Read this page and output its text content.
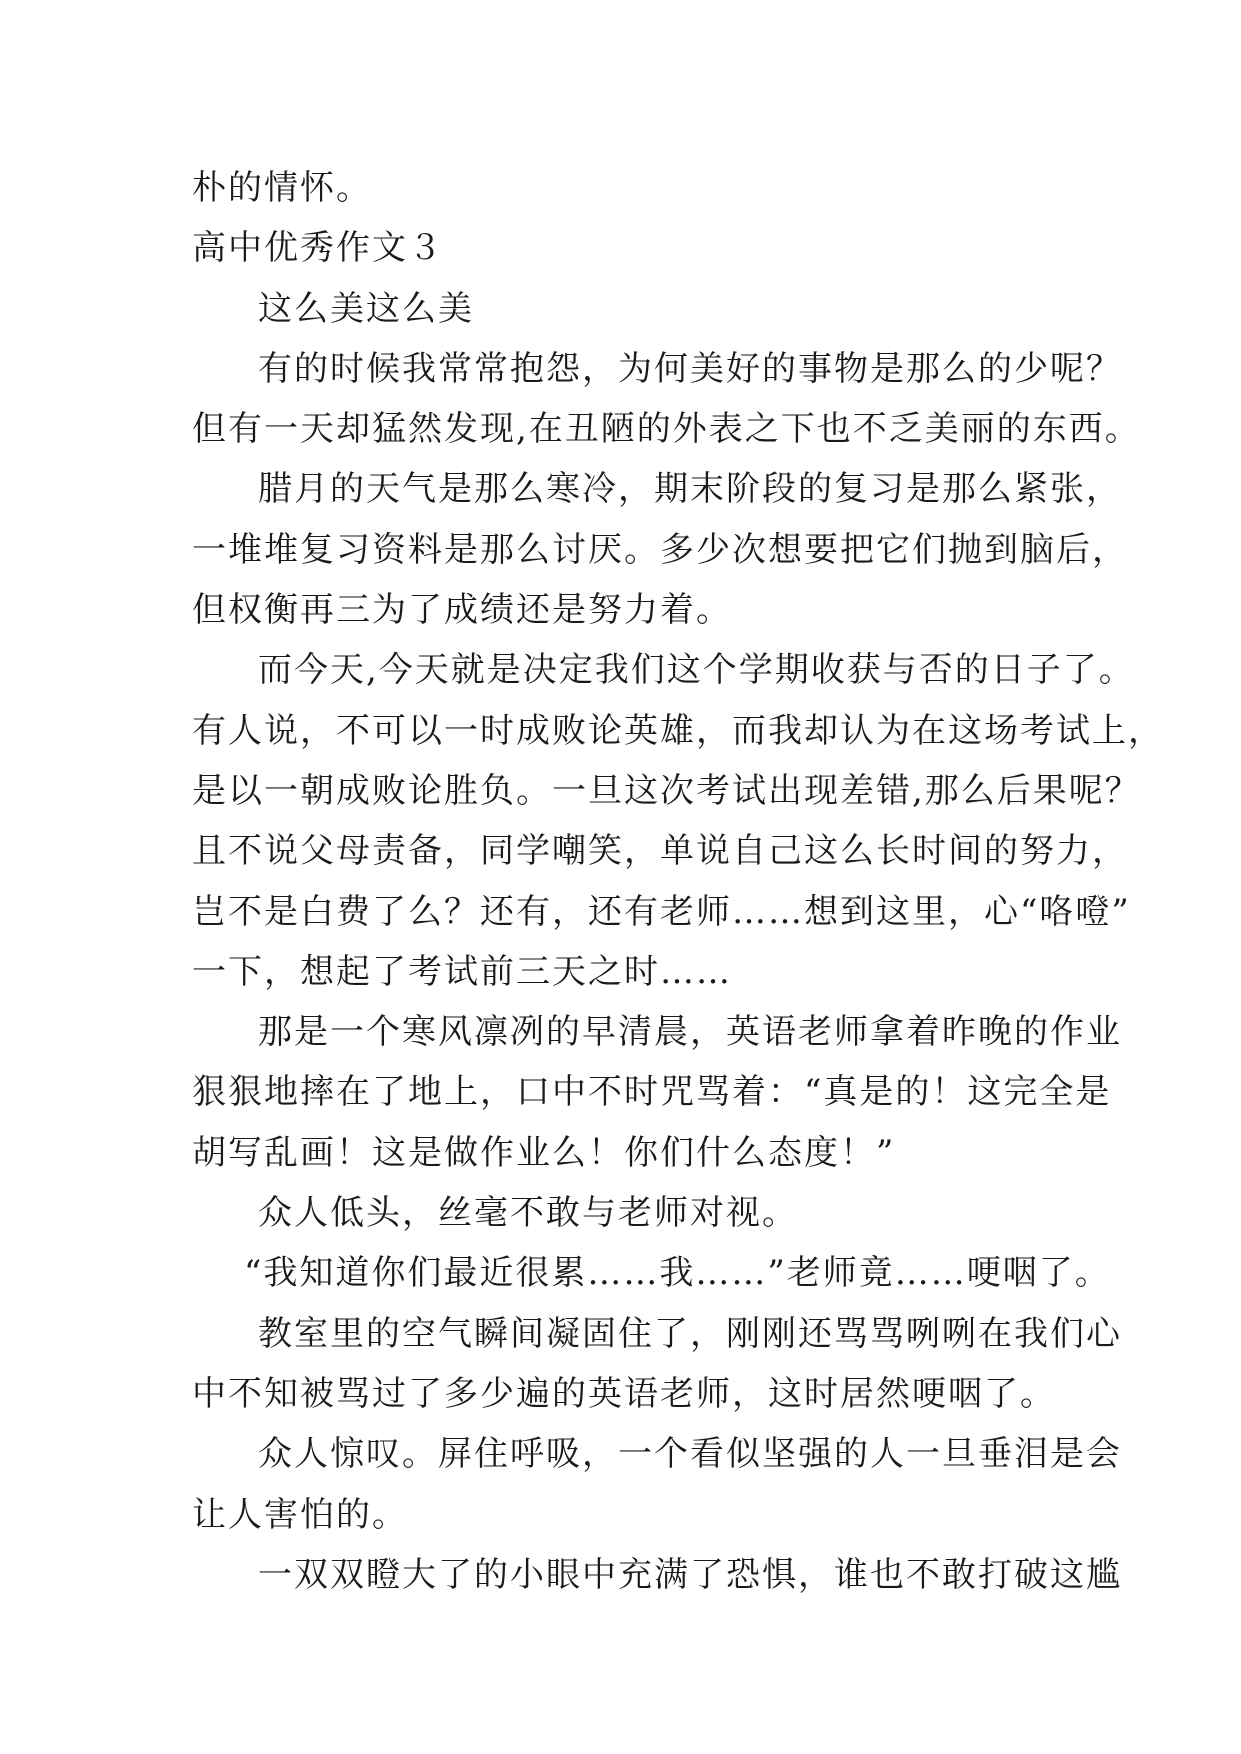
朴的情怀。
高中优秀作文３
这么美这么美
有的时候我常常抱怨，为何美好的事物是那么的少呢？
但有一天却猛然发现,在丑陋的外表之下也不乏美丽的东西。
腊月的天气是那么寒冷，期末阶段的复习是那么紧张，
一堆堆复习资料是那么讨厌。多少次想要把它们抛到脑后，
但权衡再三为了成绩还是努力着。
而今天,今天就是决定我们这个学期收获与否的日子了。
有人说，不可以一时成败论英雄，而我却认为在这场考试上，
是以一朝成败论胜负。一旦这次考试出现差错,那么后果呢？
且不说父母责备，同学嘲笑，单说自己这么长时间的努力，
岂不是白费了么？还有，还有老师……想到这里，心“咯噔”
一下，想起了考试前三天之时……
那是一个寒风凛冽的早清晨，英语老师拿着昨晚的作业
狠狠地摔在了地上，口中不时咒骂着：“真是的！这完全是
胡写乱画！这是做作业么！你们什么态度！”
众人低头，丝毫不敢与老师对视。
“我知道你们最近很累……我……”老师竟……哽咽了。
教室里的空气瞬间凝固住了，刚刚还骂骂咧咧在我们心
中不知被骂过了多少遍的英语老师，这时居然哽咽了。
众人惊叹。屏住呼吸，一个看似坚强的人一旦垂泪是会
让人害怕的。
一双双瞪大了的小眼中充满了恐惧，谁也不敢打破这尴
